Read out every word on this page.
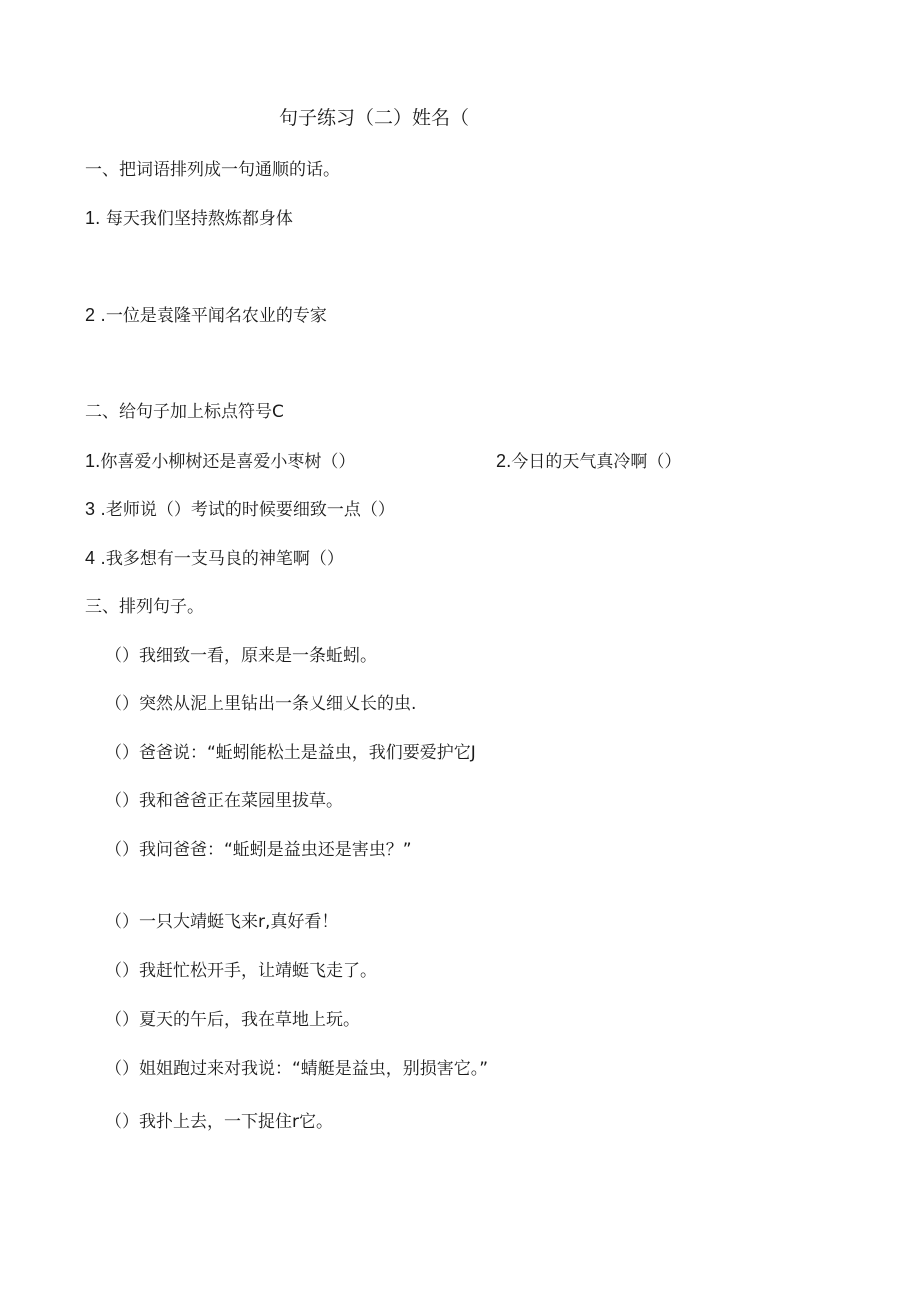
句子练习（二）姓名（
一、把词语排列成一句通顺的话。
1. 每天我们坚持熬炼都身体
2 .一位是袁隆平闻名农业的专家
二、给句子加上标点符号C
1.你喜爱小柳树还是喜爱小枣树（）	2.今日的天气真冷啊（）
3 .老师说（）考试的时候要细致一点（）
4 .我多想有一支马良的神笔啊（）
三、排列句子。
（）我细致一看，原来是一条蚯蚓。
（）突然从泥上里钻出一条乂细乂长的虫.
（）爸爸说：“蚯蚓能松土是益虫，我们要爱护它J
（）我和爸爸正在菜园里拔草。
（）我问爸爸：“蚯蚓是益虫还是害虫？”
（）一只大靖蜓飞来r,真好看！
（）我赶忙松开手，让靖蜓飞走了。
（）夏天的午后，我在草地上玩。
（）姐姐跑过来对我说：“蜻艇是益虫，别损害它。”
（）我扑上去，一下捉住r它。
